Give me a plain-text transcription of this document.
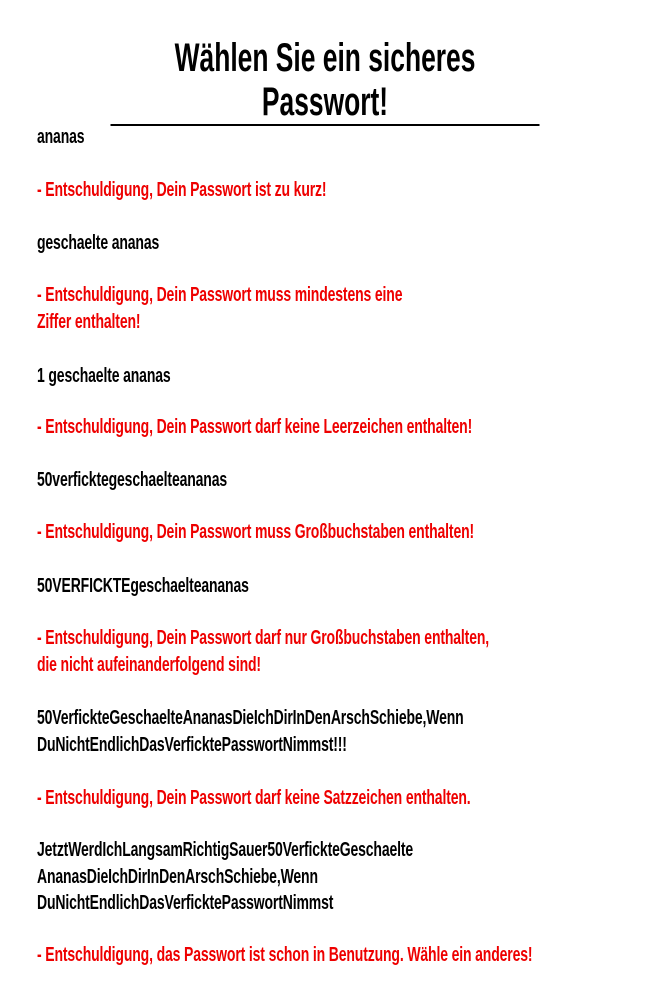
Wählen Sie ein sicheres Passwort!
ananas
- Entschuldigung, Dein Passwort ist zu kurz!
geschaelte ananas
- Entschuldigung, Dein Passwort muss mindestens eine
Ziffer enthalten!
1 geschaelte ananas
- Entschuldigung, Dein Passwort darf keine Leerzeichen enthalten!
50verficktegeschaelteananas
- Entschuldigung, Dein Passwort muss Großbuchstaben enthalten!
50VERFICKTEgeschaelteananas
- Entschuldigung, Dein Passwort darf nur Großbuchstaben enthalten,
die nicht aufeinanderfolgend sind!
50VerfickteGeschaelteAnanasDieIchDirInDenArschSchiebe,Wenn
DuNichtEndlichDasVerficktePasswortNimmst!!!
- Entschuldigung, Dein Passwort darf keine Satzzeichen enthalten.
JetztWerdIchLangsamRichtigSauer50VerfickteGeschaelte
AnanasDieIchDirInDenArschSchiebe,Wenn
DuNichtEndlichDasVerficktePasswortNimmst
- Entschuldigung, das Passwort ist schon in Benutzung. Wähle ein anderes!
